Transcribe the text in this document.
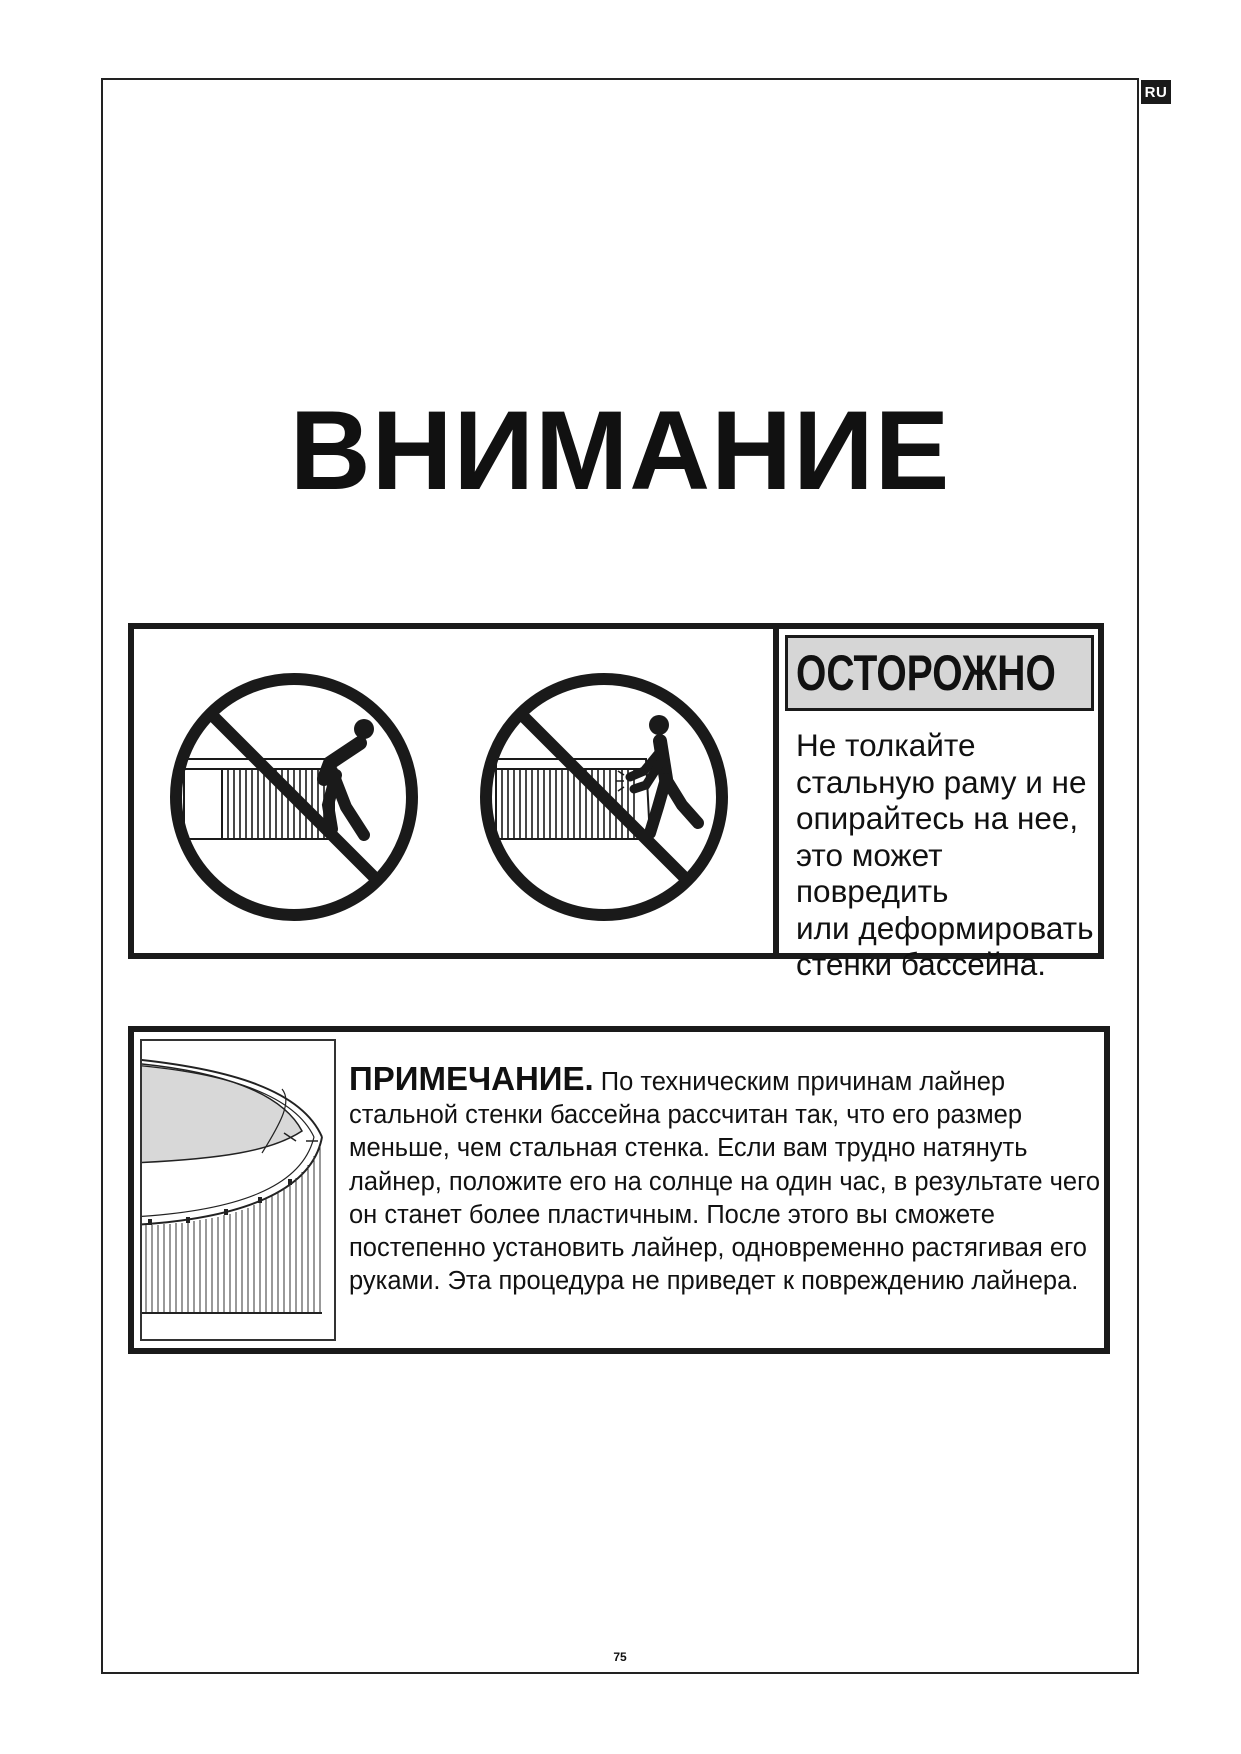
RU
ВНИМАНИЕ
ОСТОРОЖНО
Не толкайте
стальную раму и не
опирайтесь на нее,
это может повредить
или деформировать
стенки бассейна.
ПРИМЕЧАНИЕ. По техническим причинам лайнер стальной стенки бассейна рассчитан так, что его размер меньше, чем стальная стенка. Если вам трудно натянуть лайнер, положите его на солнце на один час, в результате чего он станет более пластичным. После этого вы сможете постепенно установить лайнер, одновременно растягивая его руками. Эта процедура не приведет к повреждению лайнера.
75
